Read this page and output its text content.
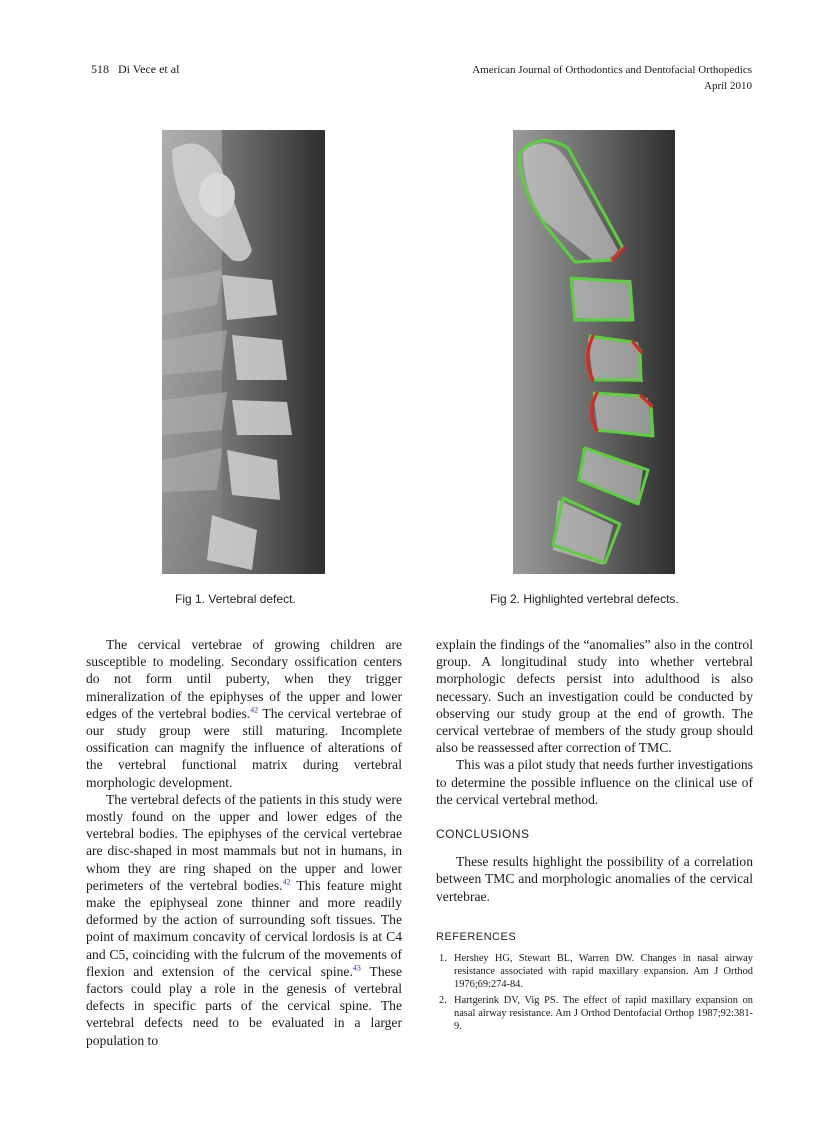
518 Di Vece et al	American Journal of Orthodontics and Dentofacial Orthopedics
April 2010
Fig 1. Vertebral defect.	Fig 2. Highlighted vertebral defects.

The cervical vertebrae of growing children are susceptible to modeling. Secondary ossification centers do not form until puberty, when they trigger mineralization of the epiphyses of the upper and lower edges of the vertebral bodies.$^{42}$ The cervical vertebrae of our study group were still maturing. Incomplete ossification can magnify the influence of alterations of the vertebral functional matrix during vertebral morphologic development.

The vertebral defects of the patients in this study were mostly found on the upper and lower edges of the vertebral bodies. The epiphyses of the cervical vertebrae are disc-shaped in most mammals but not in humans, in whom they are ring shaped on the upper and lower perimeters of the vertebral bodies.$^{42}$ This feature might make the epiphyseal zone thinner and more readily deformed by the action of surrounding soft tissues. The point of maximum concavity of cervical lordosis is at C4 and C5, coinciding with the fulcrum of the movements of flexion and extension of the cervical spine.$^{43}$ These factors could play a role in the genesis of vertebral defects in specific parts of the cervical spine. The vertebral defects need to be evaluated in a larger population to

explain the findings of the “anomalies” also in the control group. A longitudinal study into whether vertebral morphologic defects persist into adulthood is also necessary. Such an investigation could be conducted by observing our study group at the end of growth. The cervical vertebrae of members of the study group should also be reassessed after correction of TMC.

This was a pilot study that needs further investigations to determine the possible influence on the clinical use of the cervical vertebral method.

CONCLUSIONS

These results highlight the possibility of a correlation between TMC and morphologic anomalies of the cervical vertebrae.

REFERENCES
1. Hershey HG, Stewart BL, Warren DW. Changes in nasal airway resistance associated with rapid maxillary expansion. Am J Orthod 1976;69:274-84.
2. Hartgerink DV, Vig PS. The effect of rapid maxillary expansion on nasal airway resistance. Am J Orthod Dentofacial Orthop 1987;92:381-9.
